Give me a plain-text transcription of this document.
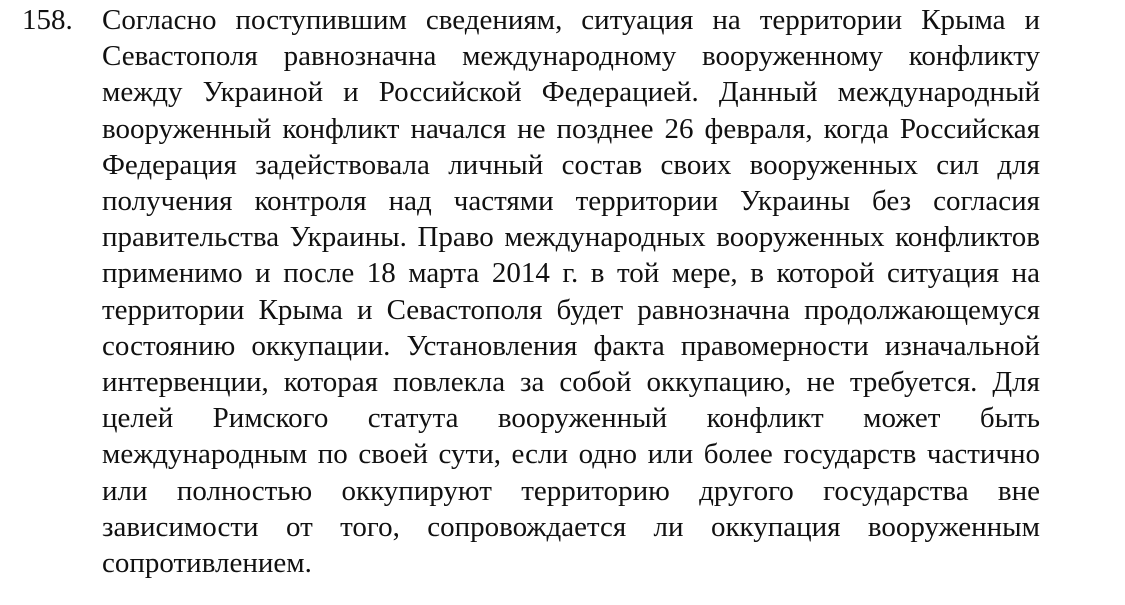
158. Согласно поступившим сведениям, ситуация на территории Крыма и
Севастополя равнозначна международному вооруженному конфликту
между Украиной и Российской Федерацией. Данный международный
вооруженный конфликт начался не позднее 26 февраля, когда Российская
Федерация задействовала личный состав своих вооруженных сил для
получения контроля над частями территории Украины без согласия
правительства Украины. Право международных вооруженных конфликтов
применимо и после 18 марта 2014 г. в той мере, в которой ситуация на
территории Крыма и Севастополя будет равнозначна продолжающемуся
состоянию оккупации. Установления факта правомерности изначальной
интервенции, которая повлекла за собой оккупацию, не требуется. Для
целей Римского статута вооруженный конфликт может быть
международным по своей сути, если одно или более государств частично
или полностью оккупируют территорию другого государства вне
зависимости от того, сопровождается ли оккупация вооруженным
сопротивлением.
